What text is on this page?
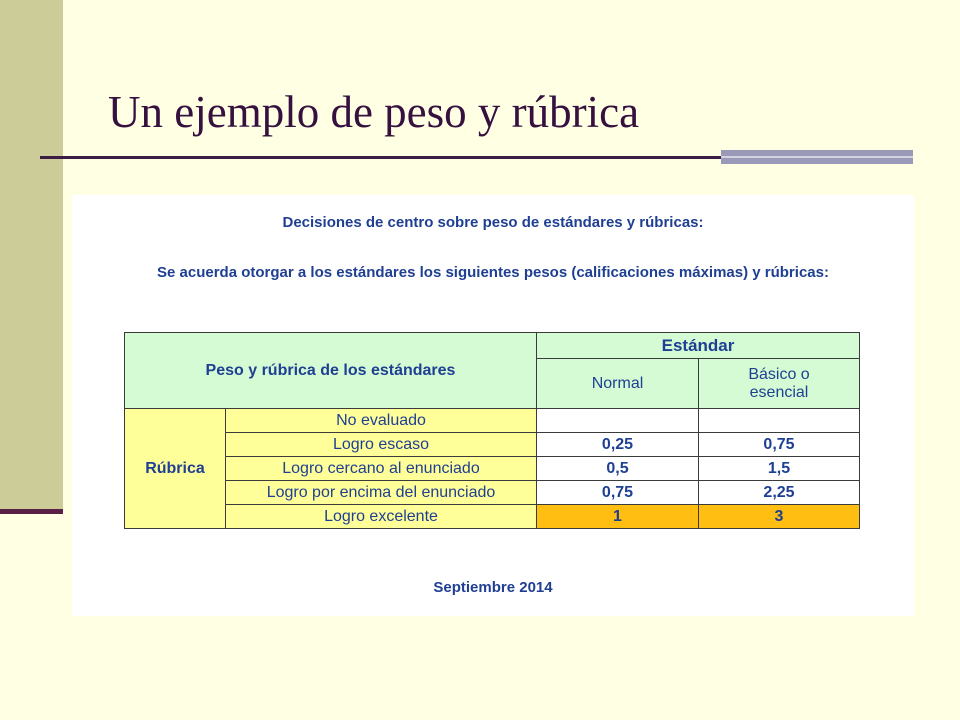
Un ejemplo de peso y rúbrica
Decisiones de centro sobre peso de estándares y rúbricas:
Se acuerda otorgar a los estándares los siguientes pesos (calificaciones máximas) y rúbricas:
Peso y rúbrica de los estándares		Estándar	
		Normal	Básico o esencial
Rúbrica	No evaluado		
	Logro escaso	0,25	0,75
	Logro cercano al enunciado	0,5	1,5
	Logro por encima del enunciado	0,75	2,25
	Logro excelente	1	3
Septiembre 2014
